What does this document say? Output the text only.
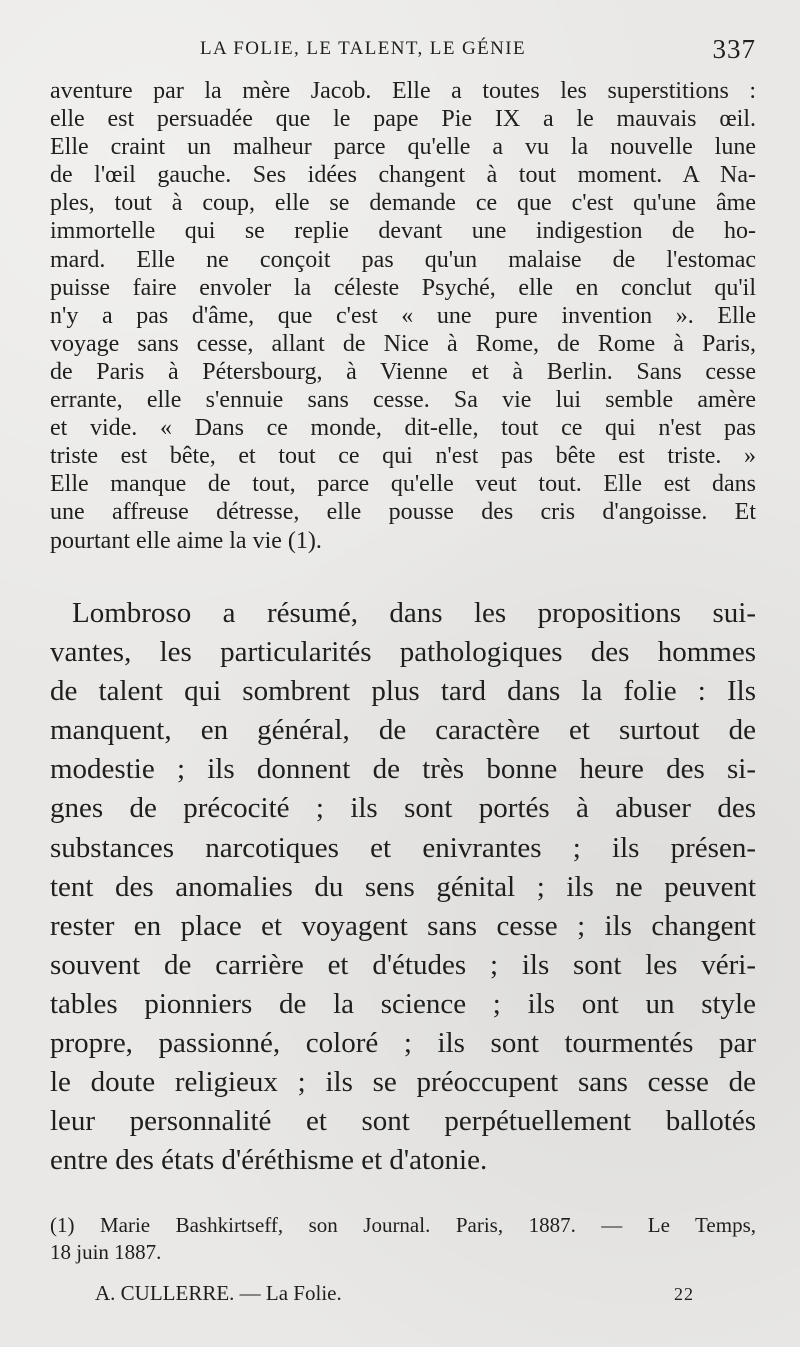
LA FOLIE, LE TALENT, LE GÉNIE	337
aventure par la mère Jacob. Elle a toutes les superstitions :
elle est persuadée que le pape Pie IX a le mauvais œil.
Elle craint un malheur parce qu'elle a vu la nouvelle lune
de l'œil gauche. Ses idées changent à tout moment. A Na-
ples, tout à coup, elle se demande ce que c'est qu'une âme
immortelle qui se replie devant une indigestion de ho-
mard. Elle ne conçoit pas qu'un malaise de l'estomac
puisse faire envoler la céleste Psyché, elle en conclut qu'il
n'y a pas d'âme, que c'est « une pure invention ». Elle
voyage sans cesse, allant de Nice à Rome, de Rome à Paris,
de Paris à Pétersbourg, à Vienne et à Berlin. Sans cesse
errante, elle s'ennuie sans cesse. Sa vie lui semble amère
et vide. « Dans ce monde, dit-elle, tout ce qui n'est pas
triste est bête, et tout ce qui n'est pas bête est triste. »
Elle manque de tout, parce qu'elle veut tout. Elle est dans
une affreuse détresse, elle pousse des cris d'angoisse. Et
pourtant elle aime la vie (1).
Lombroso a résumé, dans les propositions sui-
vantes, les particularités pathologiques des hommes
de talent qui sombrent plus tard dans la folie : Ils
manquent, en général, de caractère et surtout de
modestie ; ils donnent de très bonne heure des si-
gnes de précocité ; ils sont portés à abuser des
substances narcotiques et enivrantes ; ils présen-
tent des anomalies du sens génital ; ils ne peuvent
rester en place et voyagent sans cesse ; ils changent
souvent de carrière et d'études ; ils sont les véri-
tables pionniers de la science ; ils ont un style
propre, passionné, coloré ; ils sont tourmentés par
le doute religieux ; ils se préoccupent sans cesse de
leur personnalité et sont perpétuellement ballotés
entre des états d'éréthisme et d'atonie.
(1) Marie Bashkirtseff, son Journal. Paris, 1887. — Le Temps,
18 juin 1887.
A. CULLERRE. — La Folie.	22
